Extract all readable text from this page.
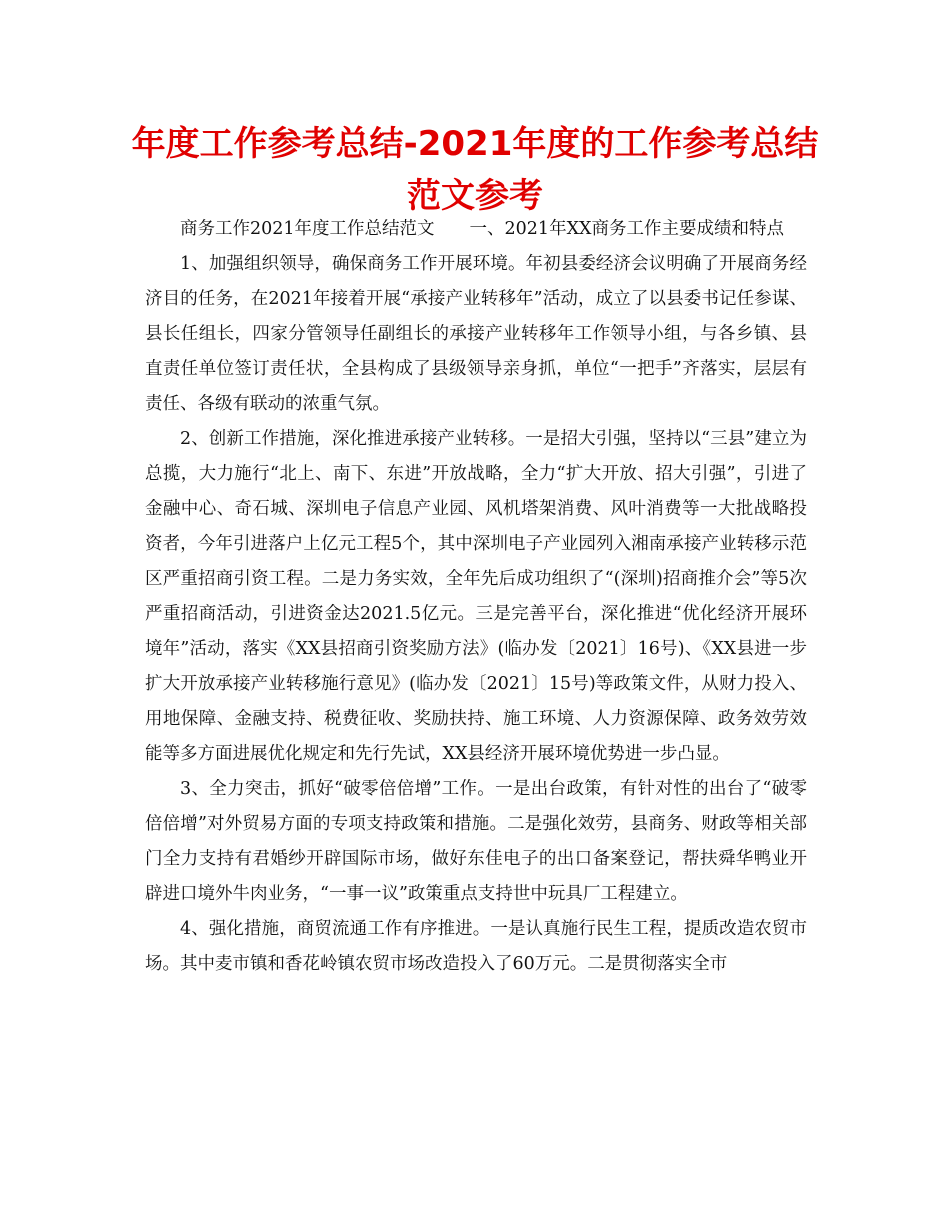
年度工作参考总结-2021年度的工作参考总结范文参考

商务工作2021年度工作总结范文　　一、2021年XX商务工作主要成绩和特点

1、加强组织领导，确保商务工作开展环境。年初县委经济会议明确了开展商务经济目的任务，在2021年接着开展“承接产业转移年”活动，成立了以县委书记任参谋、县长任组长，四家分管领导任副组长的承接产业转移年工作领导小组，与各乡镇、县直责任单位签订责任状，全县构成了县级领导亲身抓，单位“一把手”齐落实，层层有责任、各级有联动的浓重气氛。

2、创新工作措施，深化推进承接产业转移。一是招大引强，坚持以“三县”建立为总揽，大力施行“北上、南下、东进”开放战略，全力“扩大开放、招大引强”，引进了金融中心、奇石城、深圳电子信息产业园、风机塔架消费、风叶消费等一大批战略投资者，今年引进落户上亿元工程5个，其中深圳电子产业园列入湘南承接产业转移示范区严重招商引资工程。二是力务实效，全年先后成功组织了“(深圳)招商推介会”等5次严重招商活动，引进资金达2021.5亿元。三是完善平台，深化推进“优化经济开展环境年”活动，落实《XX县招商引资奖励方法》(临办发〔2021〕16号)、《XX县进一步扩大开放承接产业转移施行意见》(临办发〔2021〕15号)等政策文件，从财力投入、用地保障、金融支持、税费征收、奖励扶持、施工环境、人力资源保障、政务效劳效能等多方面进展优化规定和先行先试，XX县经济开展环境优势进一步凸显。

3、全力突击，抓好“破零倍倍增”工作。一是出台政策，有针对性的出台了“破零倍倍增”对外贸易方面的专项支持政策和措施。二是强化效劳，县商务、财政等相关部门全力支持有君婚纱开辟国际市场，做好东佳电子的出口备案登记，帮扶舜华鸭业开辟进口境外牛肉业务，“一事一议”政策重点支持世中玩具厂工程建立。

4、强化措施，商贸流通工作有序推进。一是认真施行民生工程，提质改造农贸市场。其中麦市镇和香花岭镇农贸市场改造投入了60万元。二是贯彻落实全市
